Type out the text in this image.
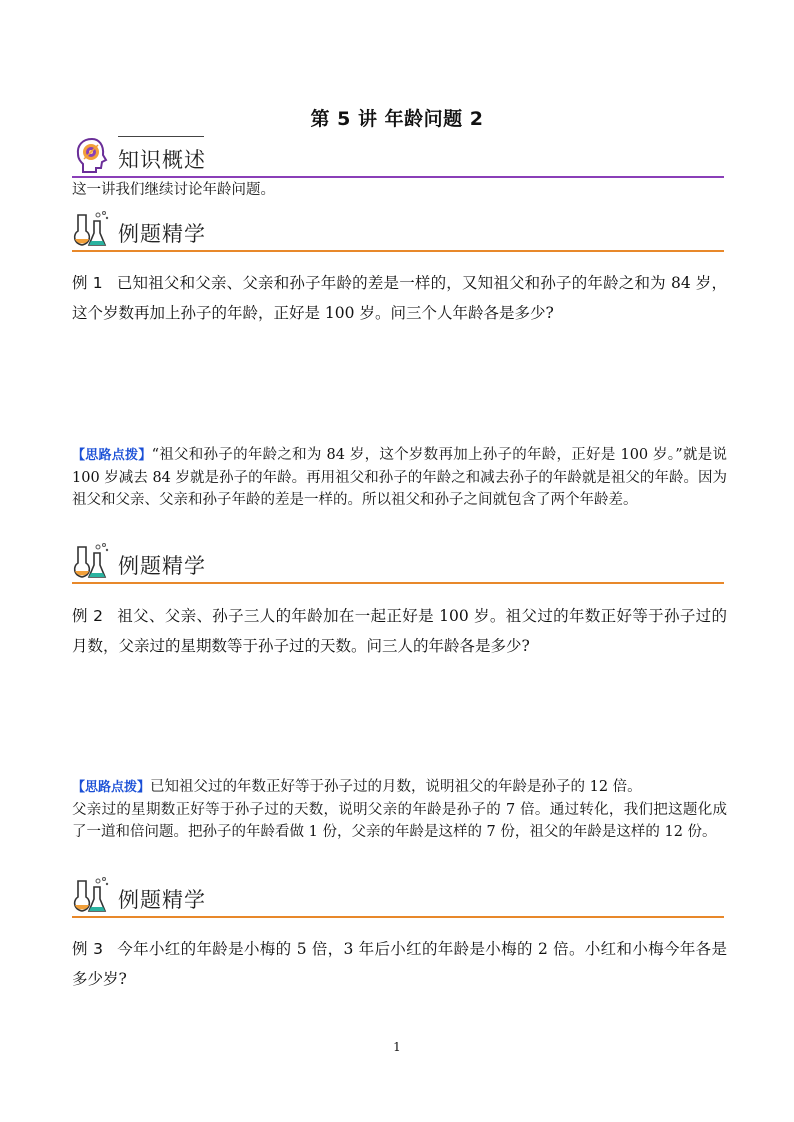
第 5 讲 年龄问题 2
知识概述
这一讲我们继续讨论年龄问题。
例题精学
例 1 已知祖父和父亲、父亲和孙子年龄的差是一样的，又知祖父和孙子的年龄之和为 84 岁，这个岁数再加上孙子的年龄，正好是 100 岁。问三个人年龄各是多少?
【思路点拨】“祖父和孙子的年龄之和为 84 岁，这个岁数再加上孙子的年龄，正好是 100 岁。”就是说 100 岁减去 84 岁就是孙子的年龄。再用祖父和孙子的年龄之和减去孙子的年龄就是祖父的年龄。因为祖父和父亲、父亲和孙子年龄的差是一样的。所以祖父和孙子之间就包含了两个年龄差。
例题精学
例 2 祖父、父亲、孙子三人的年龄加在一起正好是 100 岁。祖父过的年数正好等于孙子过的月数，父亲过的星期数等于孙子过的天数。问三人的年龄各是多少?
【思路点拨】已知祖父过的年数正好等于孙子过的月数，说明祖父的年龄是孙子的 12 倍。
父亲过的星期数正好等于孙子过的天数，说明父亲的年龄是孙子的 7 倍。通过转化，我们把这题化成了一道和倍问题。把孙子的年龄看做 1 份，父亲的年龄是这样的 7 份，祖父的年龄是这样的 12 份。
例题精学
例 3 今年小红的年龄是小梅的 5 倍，3 年后小红的年龄是小梅的 2 倍。小红和小梅今年各是多少岁?
1
